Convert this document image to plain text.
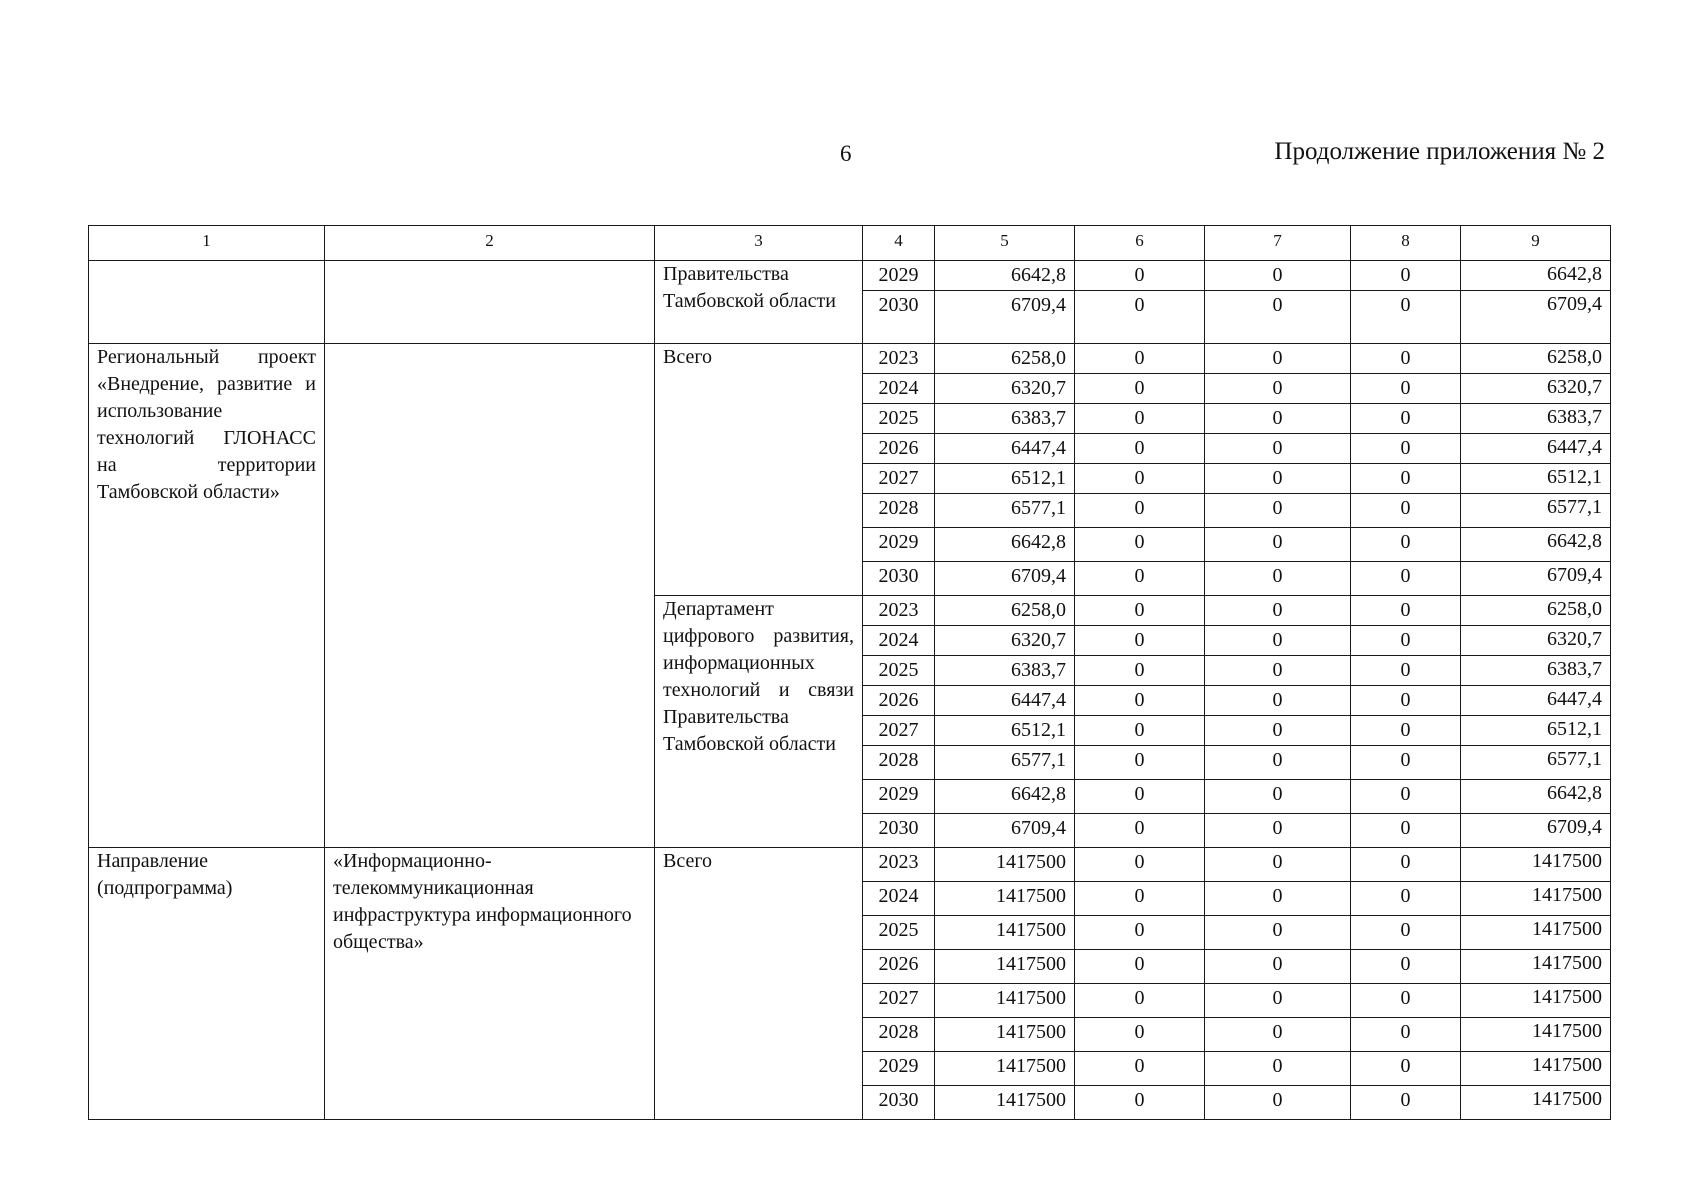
6	Продолжение приложения № 2
1	2	3	4	5	6	7	8	9
		Правительства Тамбовской области	2029	6642,8	0	0	0	6642,8
			2030	6709,4	0	0	0	6709,4
Региональный проект «Внедрение, развитие и использование технологий ГЛОНАСС на территории Тамбовской области»		Всего	2023	6258,0	0	0	0	6258,0
			2024	6320,7	0	0	0	6320,7
			2025	6383,7	0	0	0	6383,7
			2026	6447,4	0	0	0	6447,4
			2027	6512,1	0	0	0	6512,1
			2028	6577,1	0	0	0	6577,1
			2029	6642,8	0	0	0	6642,8
			2030	6709,4	0	0	0	6709,4
		Департамент цифрового развития, информационных технологий и связи Правительства Тамбовской области	2023	6258,0	0	0	0	6258,0
			2024	6320,7	0	0	0	6320,7
			2025	6383,7	0	0	0	6383,7
			2026	6447,4	0	0	0	6447,4
			2027	6512,1	0	0	0	6512,1
			2028	6577,1	0	0	0	6577,1
			2029	6642,8	0	0	0	6642,8
			2030	6709,4	0	0	0	6709,4
Направление (подпрограмма)	«Информационно-телекоммуникационная инфраструктура информационного общества»	Всего	2023	1417500	0	0	0	1417500
			2024	1417500	0	0	0	1417500
			2025	1417500	0	0	0	1417500
			2026	1417500	0	0	0	1417500
			2027	1417500	0	0	0	1417500
			2028	1417500	0	0	0	1417500
			2029	1417500	0	0	0	1417500
			2030	1417500	0	0	0	1417500
